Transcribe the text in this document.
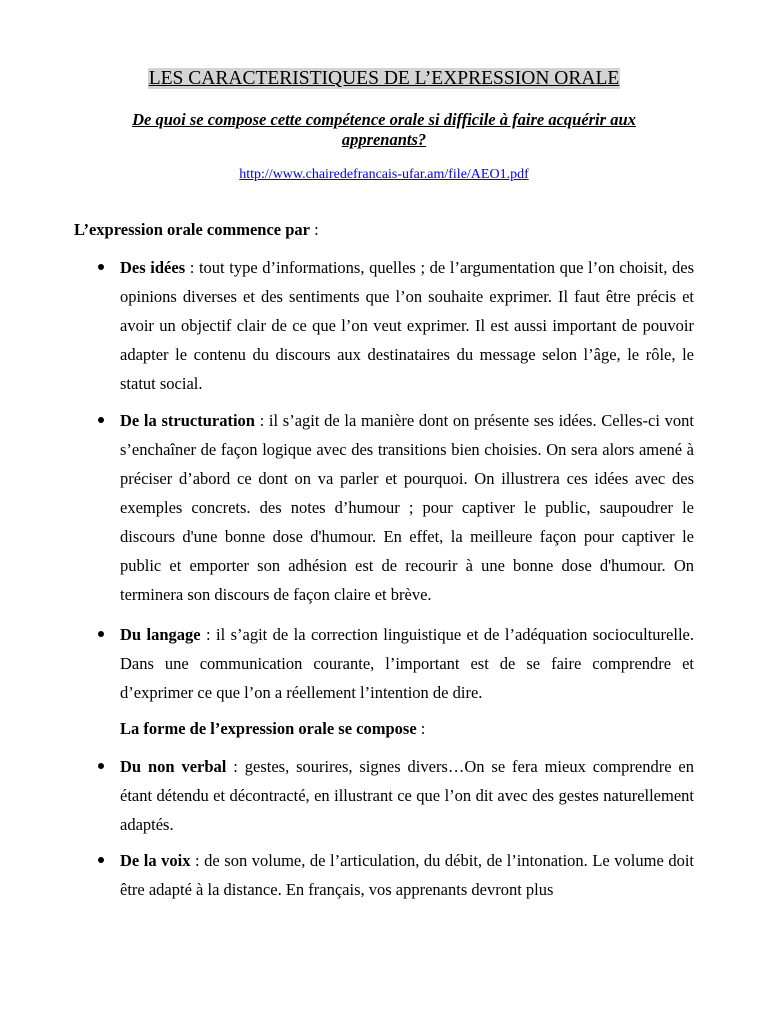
LES CARACTERISTIQUES DE L’EXPRESSION ORALE
De quoi se compose cette compétence orale si difficile à faire acquérir aux apprenants?
http://www.chairedefrancais-ufar.am/file/AEO1.pdf
L’expression orale commence par :
Des idées : tout type d’informations, quelles ; de l’argumentation que l’on choisit, des opinions diverses et des sentiments que l’on souhaite exprimer. Il faut être précis et avoir un objectif clair de ce que l’on veut exprimer. Il est aussi important de pouvoir adapter le contenu du discours aux destinataires du message selon l’âge, le rôle, le statut social.
De la structuration : il s’agit de la manière dont on présente ses idées. Celles-ci vont s’enchaîner de façon logique avec des transitions bien choisies. On sera alors amené à préciser d’abord ce dont on va parler et pourquoi. On illustrera ces idées avec des exemples concrets. des notes d’humour ; pour captiver le public, saupoudrer le discours d'une bonne dose d'humour. En effet, la meilleure façon pour captiver le public et emporter son adhésion est de recourir à une bonne dose d'humour. On terminera son discours de façon claire et brève.
Du langage : il s’agit de la correction linguistique et de l’adéquation socioculturelle. Dans une communication courante, l’important est de se faire comprendre et d’exprimer ce que l’on a réellement l’intention de dire.
La forme de l’expression orale se compose :
Du non verbal : gestes, sourires, signes divers…On se fera mieux comprendre en étant détendu et décontracté, en illustrant ce que l’on dit avec des gestes naturellement adaptés.
De la voix : de son volume, de l’articulation, du débit, de l’intonation. Le volume doit être adapté à la distance. En français, vos apprenants devront plus
